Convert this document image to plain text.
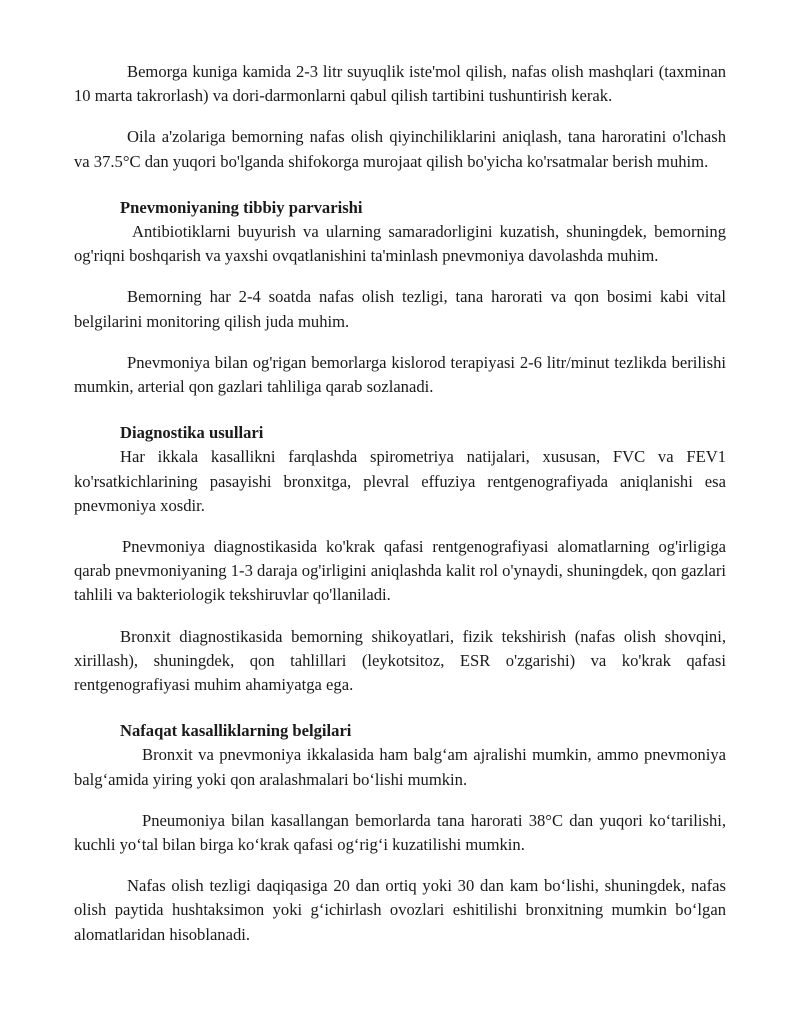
Bemorga kuniga kamida 2-3 litr suyuqlik iste'mol qilish, nafas olish mashqlari (taxminan 10 marta takrorlash) va dori-darmonlarni qabul qilish tartibini tushuntirish kerak.

Oila a'zolariga bemorning nafas olish qiyinchiliklarini aniqlash, tana haroratini o'lchash va 37.5°C dan yuqori bo'lganda shifokorga murojaat qilish bo'yicha ko'rsatmalar berish muhim.

Pnevmoniyaning tibbiy parvarishi

Antibiotiklarni buyurish va ularning samaradorligini kuzatish, shuningdek, bemorning og'riqni boshqarish va yaxshi ovqatlanishini ta'minlash pnevmoniya davolashda muhim.

Bemorning har 2-4 soatda nafas olish tezligi, tana harorati va qon bosimi kabi vital belgilarini monitoring qilish juda muhim.

Pnevmoniya bilan og'rigan bemorlarga kislorod terapiyasi 2-6 litr/minut tezlikda berilishi mumkin, arterial qon gazlari tahliliga qarab sozlanadi.

Diagnostika usullari

Har ikkala kasallikni farqlashda spirometriya natijalari, xususan, FVC va FEV1 ko'rsatkichlarining pasayishi bronxitga, plevral effuziya rentgenografiyada aniqlanishi esa pnevmoniya xosdir.

Pnevmoniya diagnostikasida ko'krak qafasi rentgenografiyasi alomatlarning og'irligiga qarab pnevmoniyaning 1-3 daraja og'irligini aniqlashda kalit rol o'ynaydi, shuningdek, qon gazlari tahlili va bakteriologik tekshiruvlar qo'llaniladi.

Bronxit diagnostikasida bemorning shikoyatlari, fizik tekshirish (nafas olish shovqini, xirillash), shuningdek, qon tahlillari (leykotsitoz, ESR o'zgarishi) va ko'krak qafasi rentgenografiyasi muhim ahamiyatga ega.

Nafaqat kasalliklarning belgilari

Bronxit va pnevmoniya ikkalasida ham balg‘am ajralishi mumkin, ammo pnevmoniya balg‘amida yiring yoki qon aralashmalari bo‘lishi mumkin.

Pneumoniya bilan kasallangan bemorlarda tana harorati 38°C dan yuqori ko‘tarilishi, kuchli yo‘tal bilan birga ko‘krak qafasi og‘rig‘i kuzatilishi mumkin.

Nafas olish tezligi daqiqasiga 20 dan ortiq yoki 30 dan kam bo‘lishi, shuningdek, nafas olish paytida hushtaksimon yoki g‘ichirlash ovozlari eshitilishi bronxitning mumkin bo‘lgan alomatlaridan hisoblanadi.
